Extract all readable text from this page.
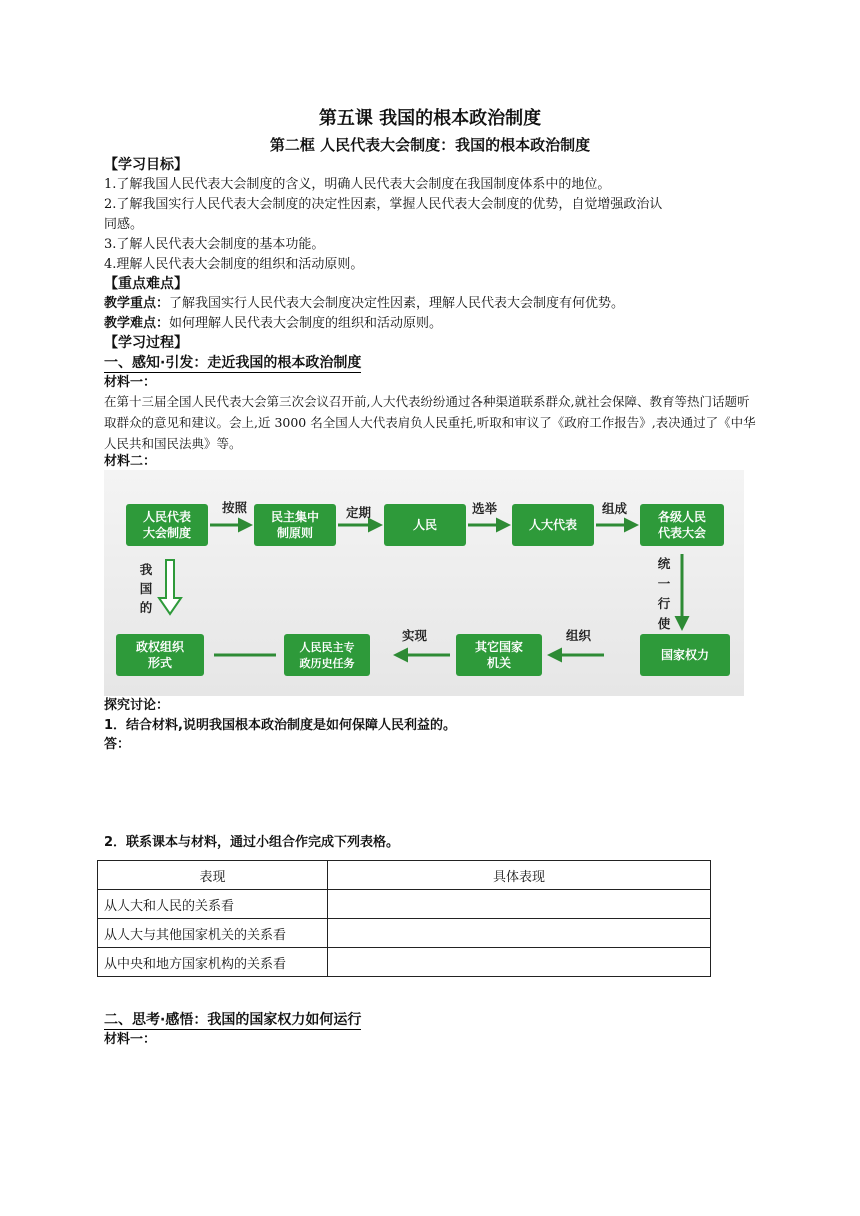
第五课 我国的根本政治制度
第二框 人民代表大会制度：我国的根本政治制度
【学习目标】
1.了解我国人民代表大会制度的含义，明确人民代表大会制度在我国制度体系中的地位。
2.了解我国实行人民代表大会制度的决定性因素，掌握人民代表大会制度的优势，自觉增强政治认
同感。
3.了解人民代表大会制度的基本功能。
4.理解人民代表大会制度的组织和活动原则。
【重点难点】
教学重点：了解我国实行人民代表大会制度决定性因素，理解人民代表大会制度有何优势。
教学难点：如何理解人民代表大会制度的组织和活动原则。
【学习过程】
一、感知·引发：走近我国的根本政治制度
材料一：
在第十三届全国人民代表大会第三次会议召开前,人大代表纷纷通过各种渠道联系群众,就社会保障、教育等热门话题听取群众的意见和建议。会上,近 3000 名全国人大代表肩负人民重托,听取和审议了《政府工作报告》,表决通过了《中华人民共和国民法典》等。
材料二：
人民代表大会制度
民主集中制原则
人民	人大代表
各级人民代表大会
政权组织形式
人民民主专政历史任务
其它国家机关
国家权力
按照	定期	选举	组成
组织
实现
统一行使
我国的
探究讨论：
1．结合材料,说明我国根本政治制度是如何保障人民利益的。
答：
2．联系课本与材料，通过小组合作完成下列表格。
表现	具体表现
从人大和人民的关系看	
从人大与其他国家机关的关系看	
从中央和地方国家机构的关系看	
二、思考·感悟：我国的国家权力如何运行
材料一：
